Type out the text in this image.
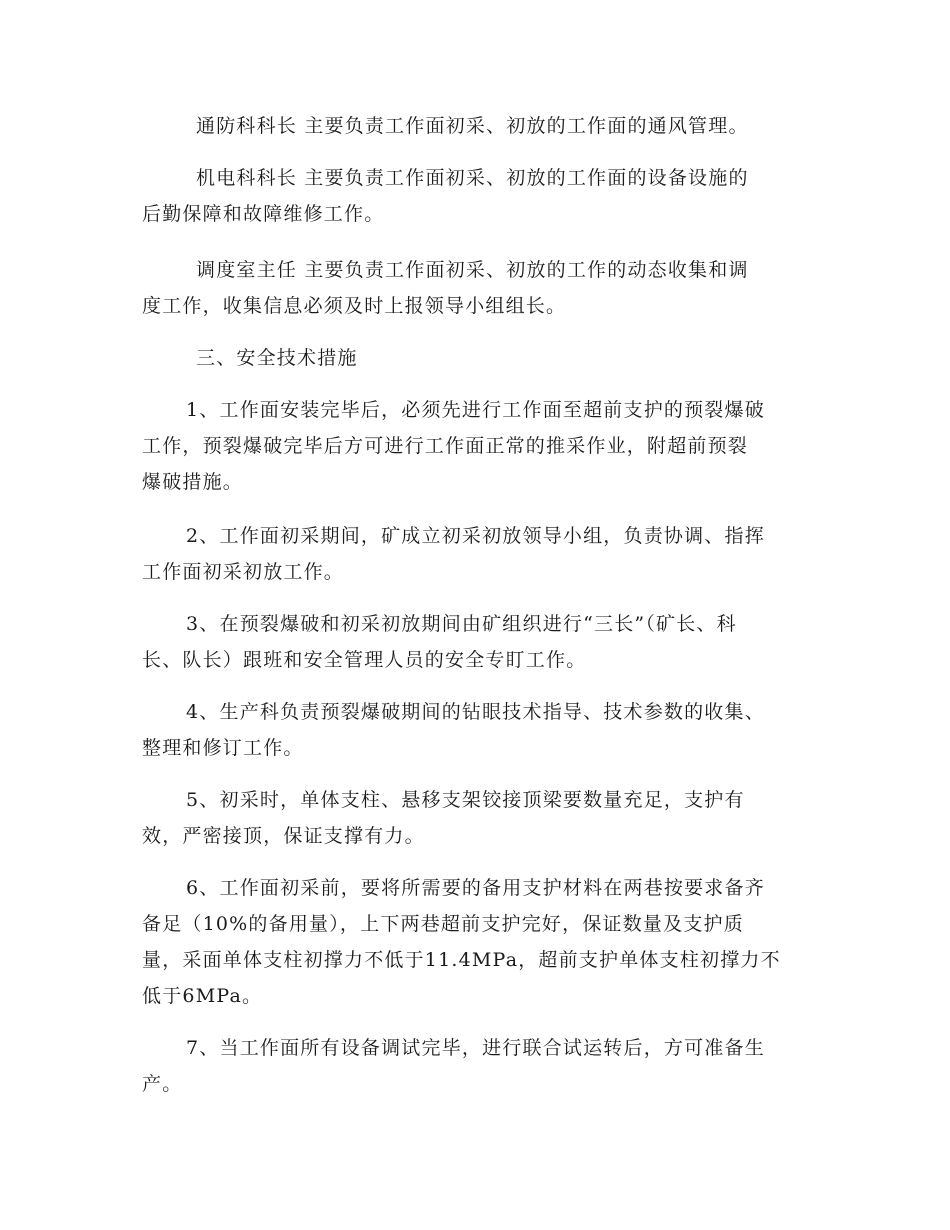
通防科科长 主要负责工作面初采、初放的工作面的通风管理。
机电科科长 主要负责工作面初采、初放的工作面的设备设施的
后勤保障和故障维修工作。
调度室主任 主要负责工作面初采、初放的工作的动态收集和调
度工作，收集信息必须及时上报领导小组组长。
三、安全技术措施
1、工作面安装完毕后，必须先进行工作面至超前支护的预裂爆破
工作，预裂爆破完毕后方可进行工作面正常的推采作业，附超前预裂
爆破措施。
2、工作面初采期间，矿成立初采初放领导小组，负责协调、指挥
工作面初采初放工作。
3、在预裂爆破和初采初放期间由矿组织进行“三长”（矿长、科
长、队长）跟班和安全管理人员的安全专盯工作。
4、生产科负责预裂爆破期间的钻眼技术指导、技术参数的收集、
整理和修订工作。
5、初采时，单体支柱、悬移支架铰接顶梁要数量充足，支护有
效，严密接顶，保证支撑有力。
6、工作面初采前，要将所需要的备用支护材料在两巷按要求备齐
备足（10%的备用量），上下两巷超前支护完好，保证数量及支护质
量，采面单体支柱初撑力不低于11.4MPa，超前支护单体支柱初撑力不
低于6MPa。
7、当工作面所有设备调试完毕，进行联合试运转后，方可准备生
产。
